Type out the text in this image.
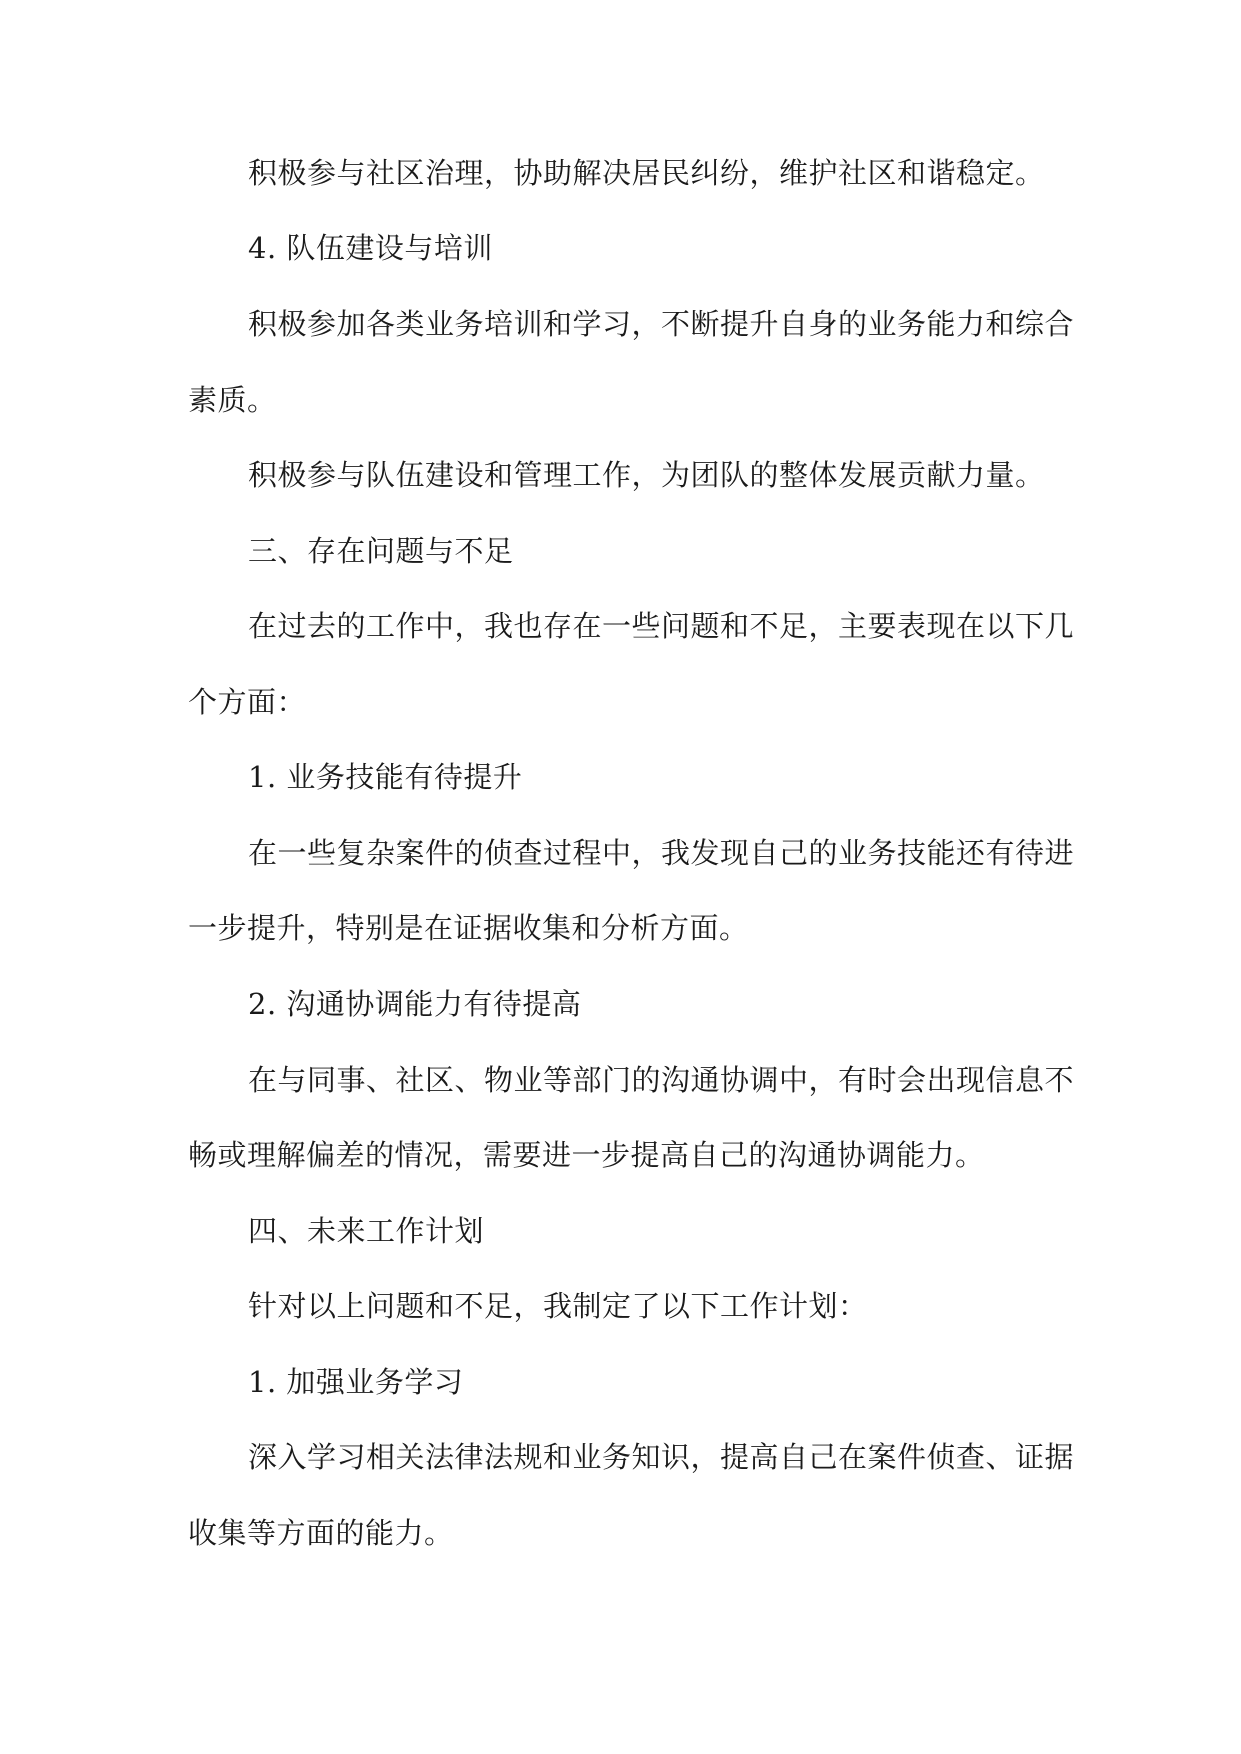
积极参与社区治理，协助解决居民纠纷，维护社区和谐稳定。

4. 队伍建设与培训

积极参加各类业务培训和学习，不断提升自身的业务能力和综合

素质。

积极参与队伍建设和管理工作，为团队的整体发展贡献力量。

三、存在问题与不足

在过去的工作中，我也存在一些问题和不足，主要表现在以下几

个方面：

1. 业务技能有待提升

在一些复杂案件的侦查过程中，我发现自己的业务技能还有待进

一步提升，特别是在证据收集和分析方面。

2. 沟通协调能力有待提高

在与同事、社区、物业等部门的沟通协调中，有时会出现信息不

畅或理解偏差的情况，需要进一步提高自己的沟通协调能力。

四、未来工作计划

针对以上问题和不足，我制定了以下工作计划：

1. 加强业务学习

深入学习相关法律法规和业务知识，提高自己在案件侦查、证据

收集等方面的能力。
